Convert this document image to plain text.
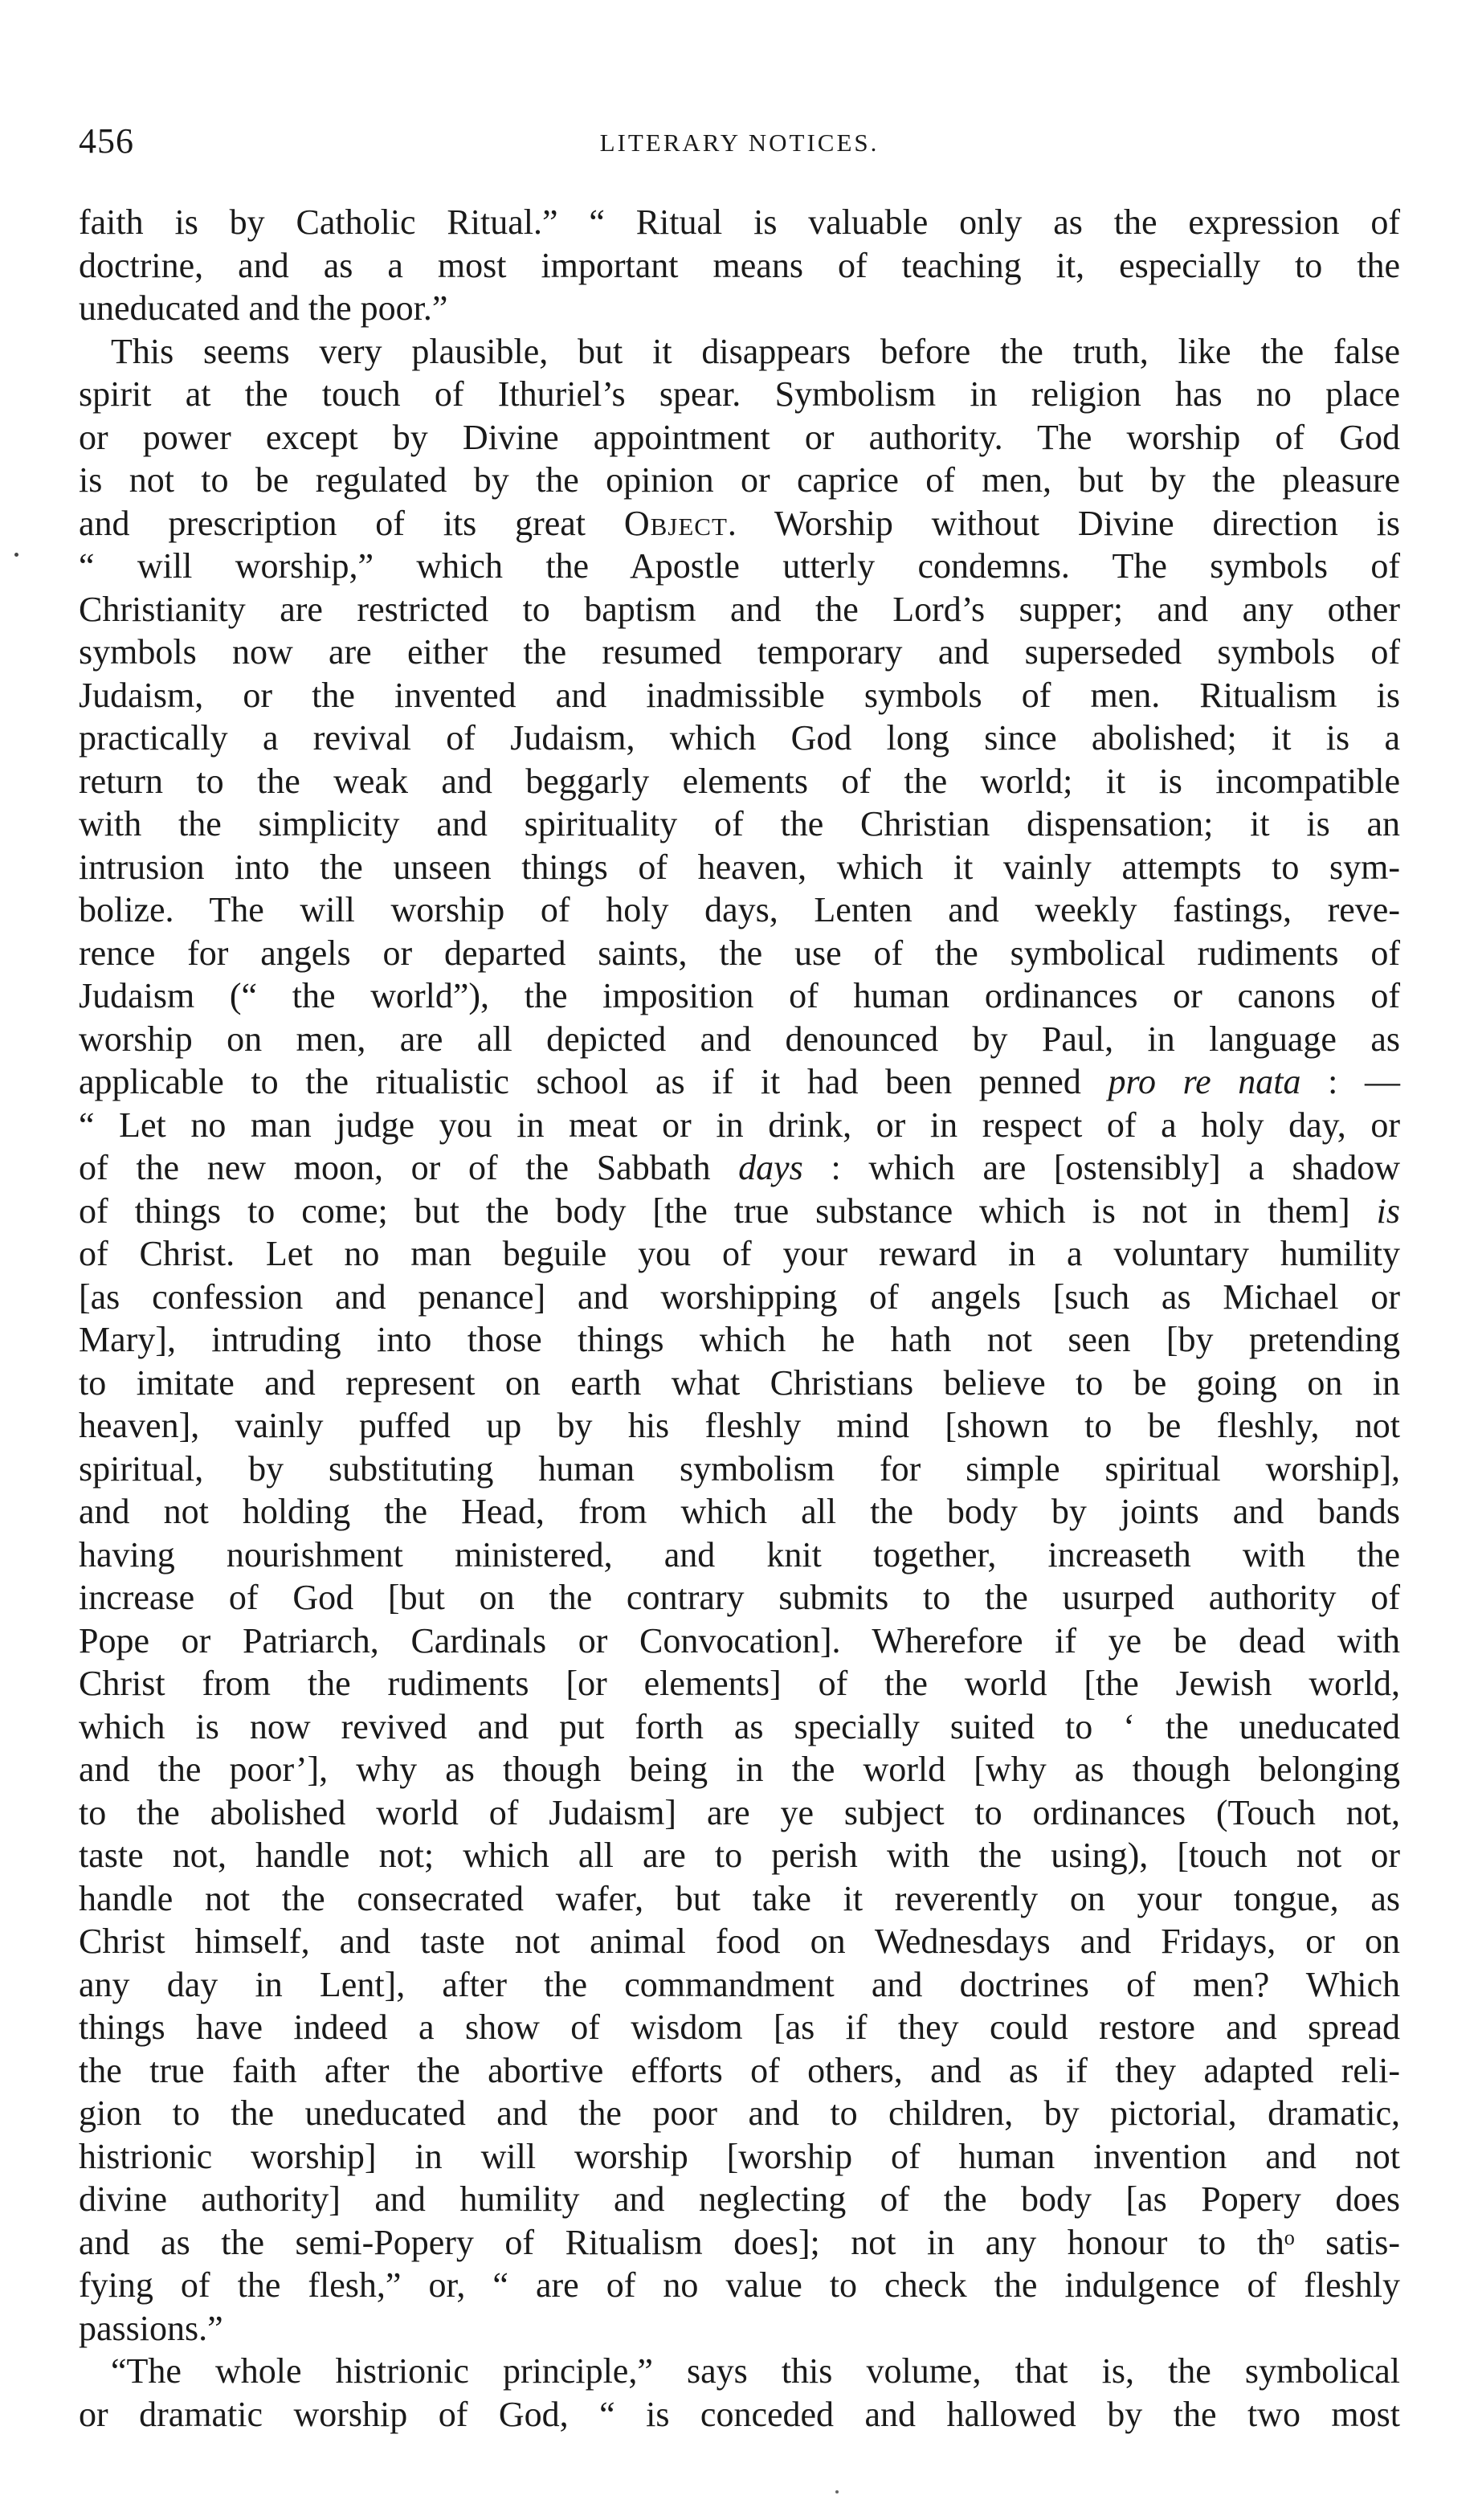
456	LITERARY NOTICES.
faith is by Catholic Ritual.” “ Ritual is valuable only as the expression of
doctrine, and as a most important means of teaching it, especially to the
uneducated and the poor.”
This seems very plausible, but it disappears before the truth, like the false
spirit at the touch of Ithuriel’s spear. Symbolism in religion has no place
or power except by Divine appointment or authority. The worship of God
is not to be regulated by the opinion or caprice of men, but by the pleasure
and prescription of its great Object. Worship without Divine direction is
“ will worship,” which the Apostle utterly condemns. The symbols of
Christianity are restricted to baptism and the Lord’s supper; and any other
symbols now are either the resumed temporary and superseded symbols of
Judaism, or the invented and inadmissible symbols of men. Ritualism is
practically a revival of Judaism, which God long since abolished; it is a
return to the weak and beggarly elements of the world; it is incompatible
with the simplicity and spirituality of the Christian dispensation; it is an
intrusion into the unseen things of heaven, which it vainly attempts to sym-
bolize. The will worship of holy days, Lenten and weekly fastings, reve-
rence for angels or departed saints, the use of the symbolical rudiments of
Judaism (“ the world”), the imposition of human ordinances or canons of
worship on men, are all depicted and denounced by Paul, in language as
applicable to the ritualistic school as if it had been penned pro re nata : —
“ Let no man judge you in meat or in drink, or in respect of a holy day, or
of the new moon, or of the Sabbath days : which are [ostensibly] a shadow
of things to come; but the body [the true substance which is not in them] is
of Christ. Let no man beguile you of your reward in a voluntary humility
[as confession and penance] and worshipping of angels [such as Michael or
Mary], intruding into those things which he hath not seen [by pretending
to imitate and represent on earth what Christians believe to be going on in
heaven], vainly puffed up by his fleshly mind [shown to be fleshly, not
spiritual, by substituting human symbolism for simple spiritual worship],
and not holding the Head, from which all the body by joints and bands
having nourishment ministered, and knit together, increaseth with the
increase of God [but on the contrary submits to the usurped authority of
Pope or Patriarch, Cardinals or Convocation]. Wherefore if ye be dead with
Christ from the rudiments [or elements] of the world [the Jewish world,
which is now revived and put forth as specially suited to ‘ the uneducated
and the poor’], why as though being in the world [why as though belonging
to the abolished world of Judaism] are ye subject to ordinances (Touch not,
taste not, handle not; which all are to perish with the using), [touch not or
handle not the consecrated wafer, but take it reverently on your tongue, as
Christ himself, and taste not animal food on Wednesdays and Fridays, or on
any day in Lent], after the commandment and doctrines of men? Which
things have indeed a show of wisdom [as if they could restore and spread
the true faith after the abortive efforts of others, and as if they adapted reli-
gion to the uneducated and the poor and to children, by pictorial, dramatic,
histrionic worship] in will worship [worship of human invention and not
divine authority] and humility and neglecting of the body [as Popery does
and as the semi-Popery of Ritualism does]; not in any honour to thᵒ satis-
fying of the flesh,” or, “ are of no value to check the indulgence of fleshly
passions.”
“The whole histrionic principle,” says this volume, that is, the symbolical
or dramatic worship of God, “ is conceded and hallowed by the two most
